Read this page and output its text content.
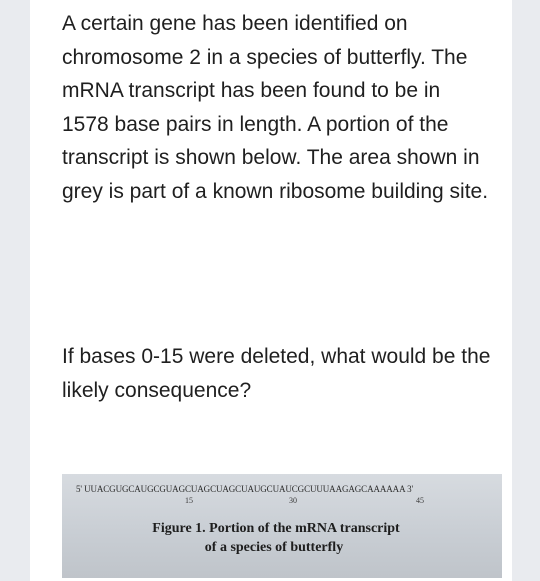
A certain gene has been identified on chromosome 2 in a species of butterfly. The mRNA transcript has been found to be in 1578 base pairs in length. A portion of the transcript is shown below. The area shown in grey is part of a known ribosome building site.

If bases 0-15 were deleted, what would be the likely consequence?

5' UUACGUGCAUGCGUAGCUAGCUAGCUAUGCUAUCGCUUUAAGAGCAAAAAA 3'
15	30	45
Figure 1. Portion of the mRNA transcript
of a species of butterfly
